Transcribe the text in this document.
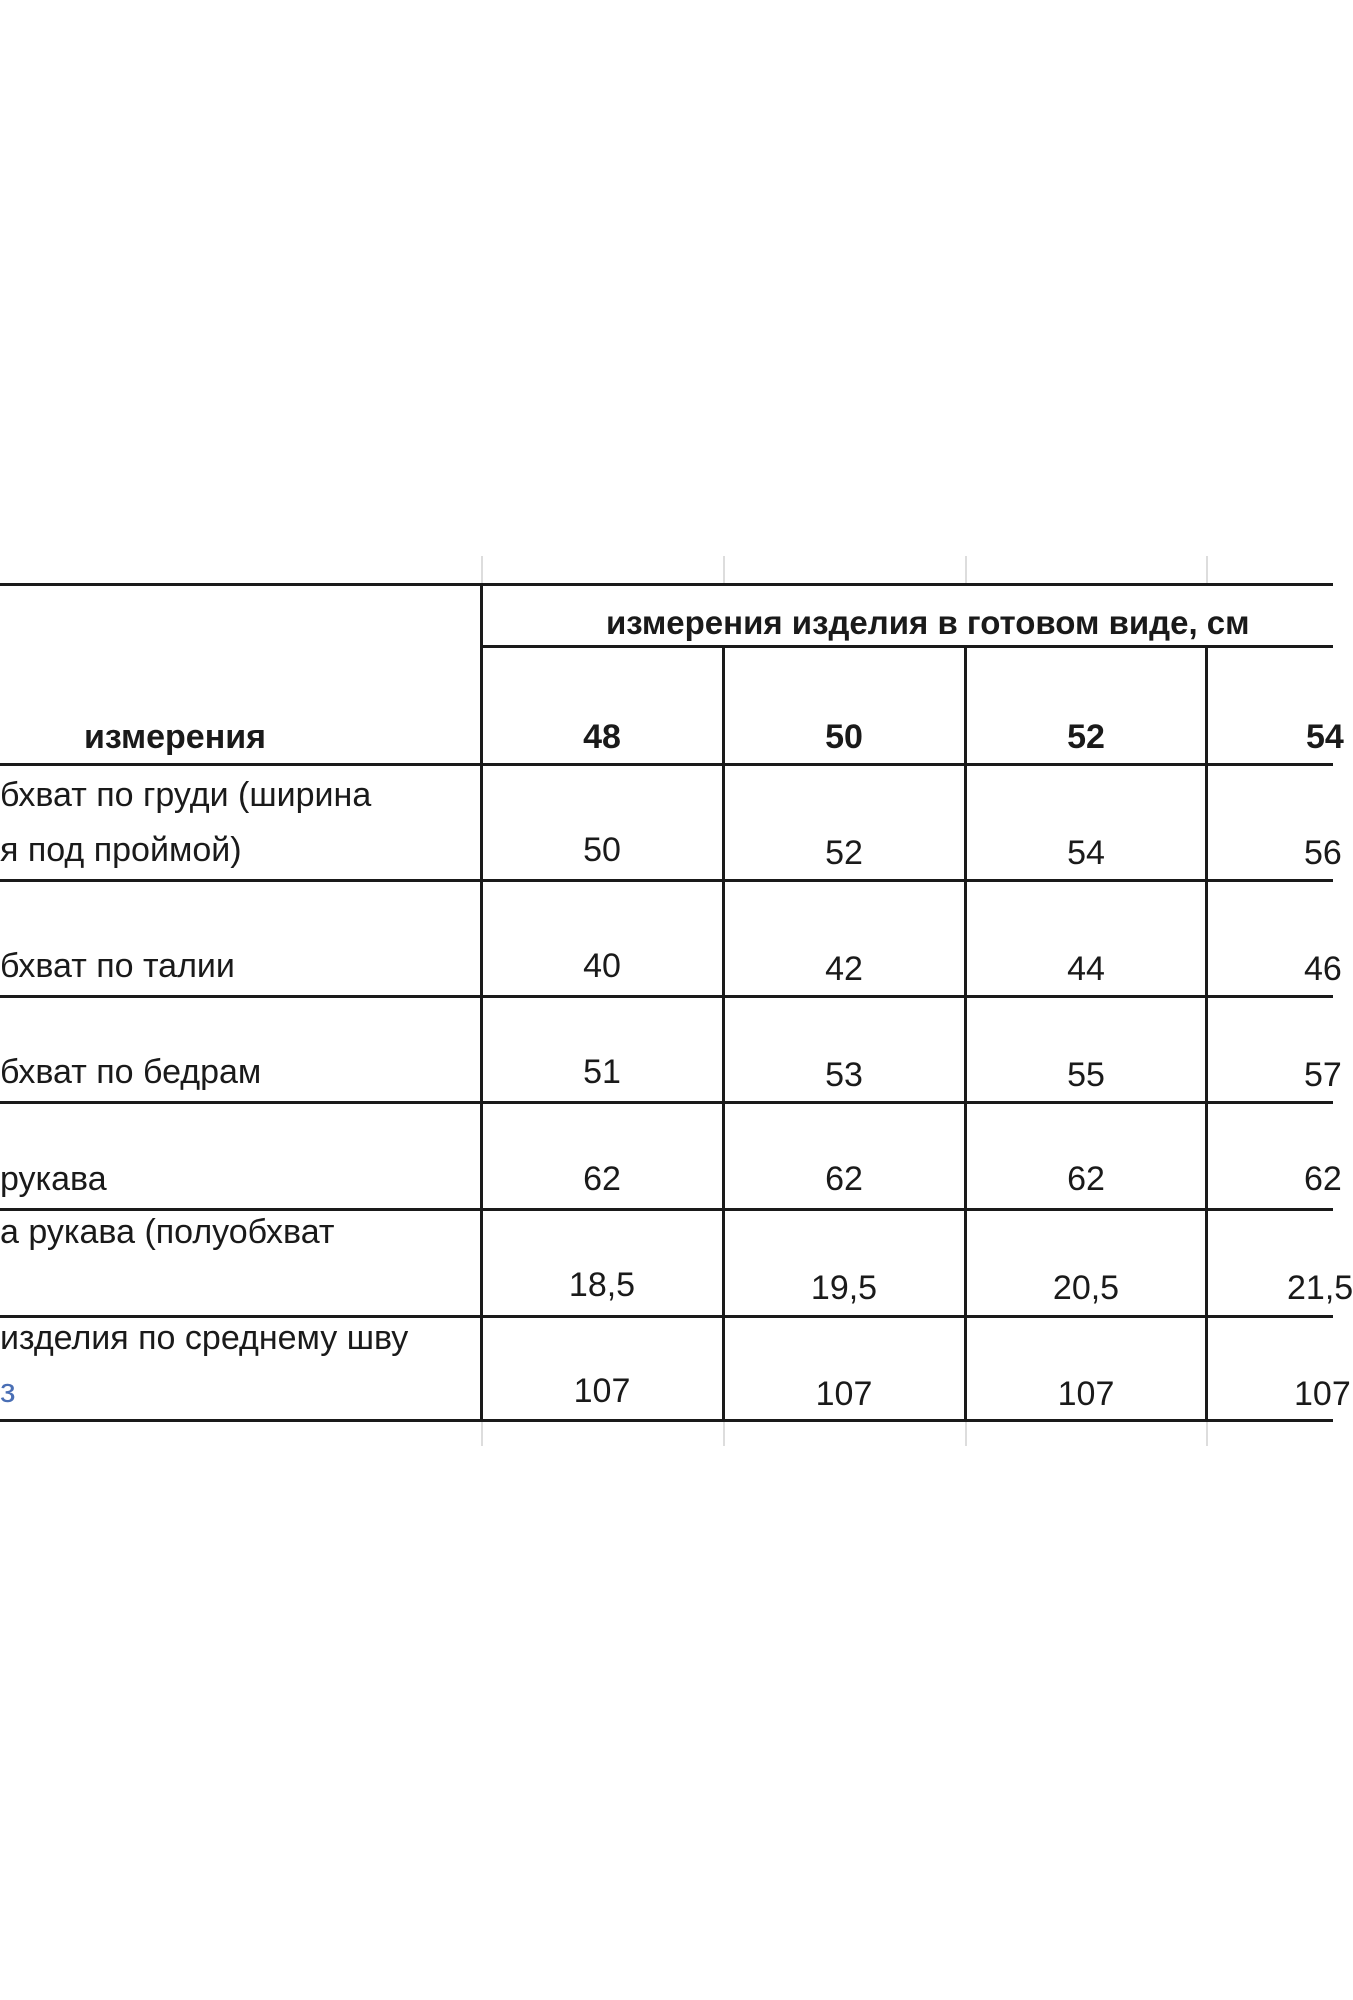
измерения изделия в готовом виде, см
измерения	48	50	52	54
бхват по груди (ширина
я под проймой)	50	52	54	56
бхват по талии	40	42	44	46
бхват по бедрам	51	53	55	57
рукава	62	62	62	62
а рукава (полуобхват
18,5	19,5	20,5	21,5
изделия по среднему шву
з	107	107	107	107
